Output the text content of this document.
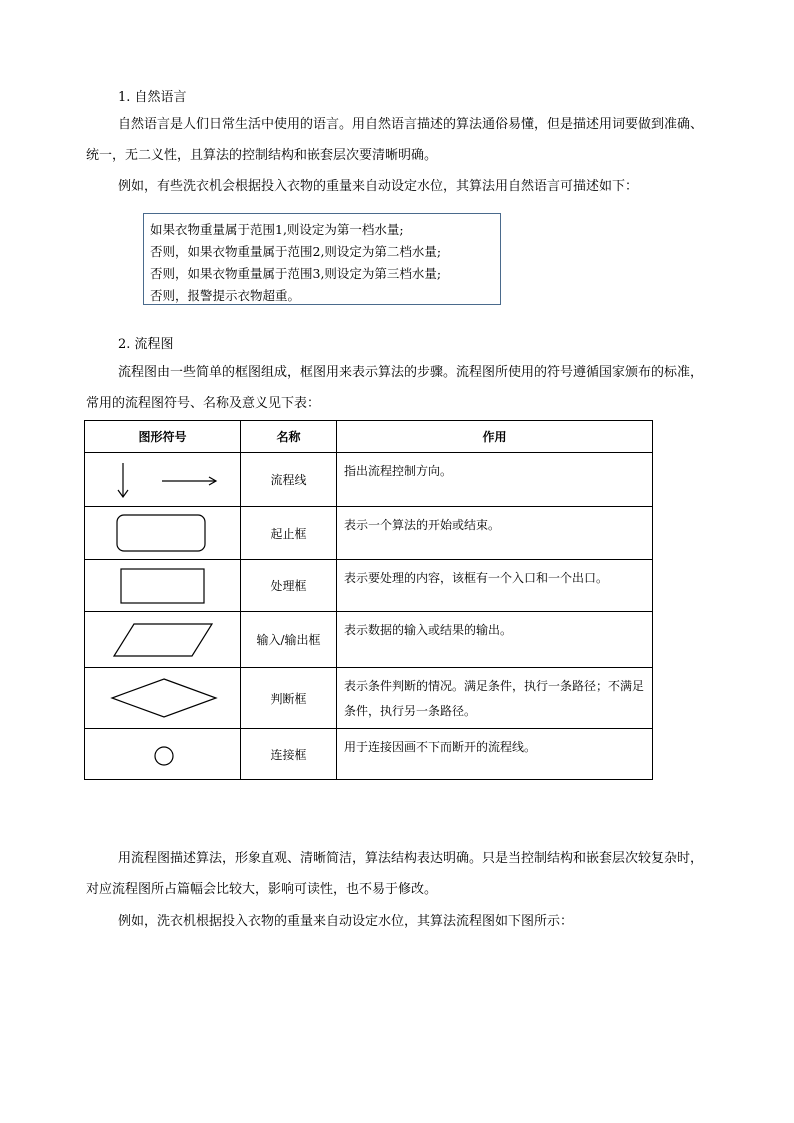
1. 自然语言
自然语言是人们日常生活中使用的语言。用自然语言描述的算法通俗易懂，但是描述用词要做到准确、统一，无二义性，且算法的控制结构和嵌套层次要清晰明确。
例如，有些洗衣机会根据投入衣物的重量来自动设定水位，其算法用自然语言可描述如下：
如果衣物重量属于范围1,则设定为第一档水量;
否则，如果衣物重量属于范围2,则设定为第二档水量;
否则，如果衣物重量属于范围3,则设定为第三档水量;
否则，报警提示衣物超重。
2. 流程图
流程图由一些简单的框图组成，框图用来表示算法的步骤。流程图所使用的符号遵循国家颁布的标准，常用的流程图符号、名称及意义见下表：
图形符号	名称	作用

	流程线	指出流程控制方向。

	起止框	表示一个算法的开始或结束。

	处理框	表示要处理的内容，该框有一个入口和一个出口。

	输入/输出框	表示数据的输入或结果的输出。

	判断框	表示条件判断的情况。满足条件，执行一条路径；不满足条件，执行另一条路径。

	连接框	用于连接因画不下而断开的流程线。
用流程图描述算法，形象直观、清晰简洁，算法结构表达明确。只是当控制结构和嵌套层次较复杂时，对应流程图所占篇幅会比较大，影响可读性，也不易于修改。
例如，洗衣机根据投入衣物的重量来自动设定水位，其算法流程图如下图所示：
